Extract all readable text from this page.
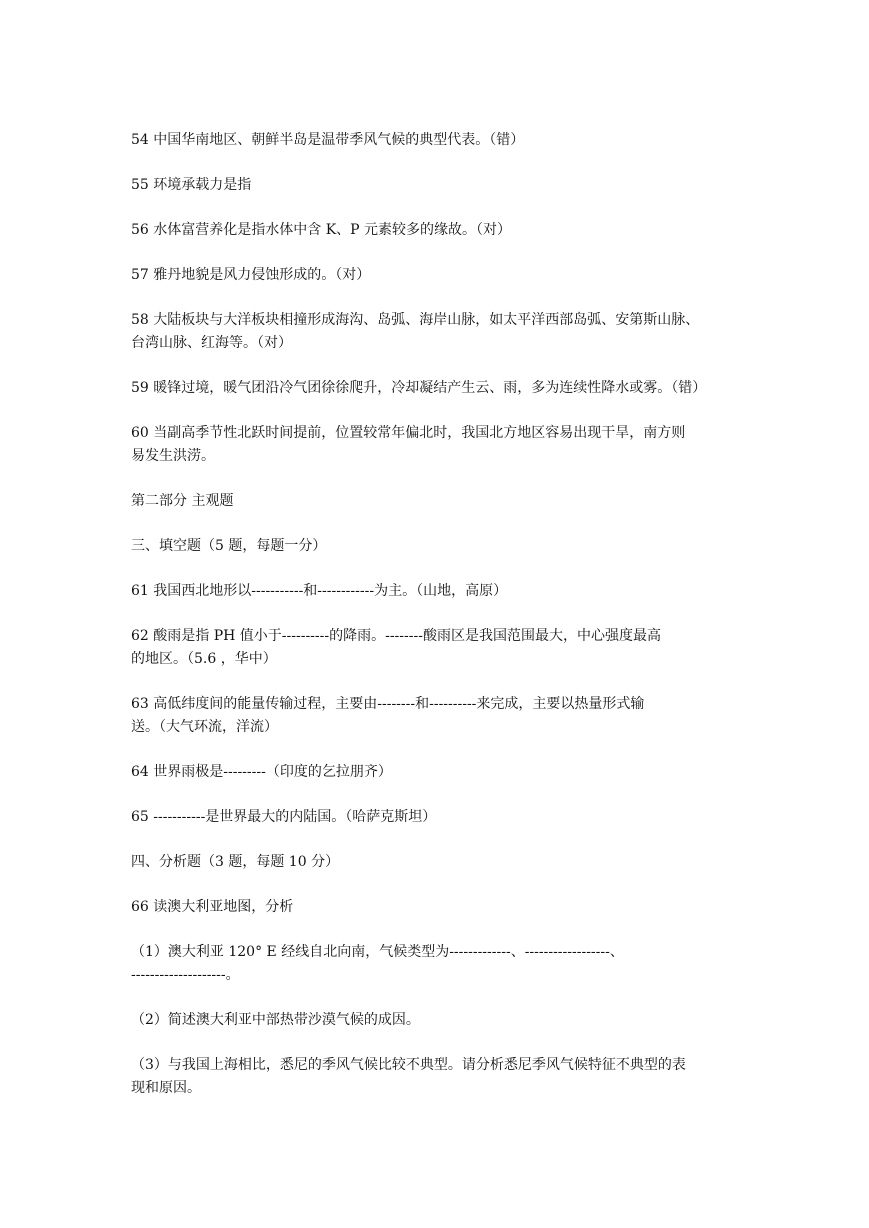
54 中国华南地区、朝鲜半岛是温带季风气候的典型代表。（错）

55 环境承载力是指

56 水体富营养化是指水体中含 K、P 元素较多的缘故。（对）

57 雅丹地貌是风力侵蚀形成的。（对）

58 大陆板块与大洋板块相撞形成海沟、岛弧、海岸山脉，如太平洋西部岛弧、安第斯山脉、
台湾山脉、红海等。（对）

59 暖锋过境，暖气团沿冷气团徐徐爬升，冷却凝结产生云、雨，多为连续性降水或雾。（错）

60 当副高季节性北跃时间提前，位置较常年偏北时，我国北方地区容易出现干旱，南方则
易发生洪涝。

第二部分 主观题

三、填空题（5 题，每题一分）

61 我国西北地形以-----------和------------为主。（山地，高原）

62 酸雨是指 PH 值小于----------的降雨。--------酸雨区是我国范围最大，中心强度最高
的地区。（5.6 ，华中）

63 高低纬度间的能量传输过程，主要由--------和----------来完成，主要以热量形式输
送。（大气环流，洋流）

64 世界雨极是---------（印度的乞拉朋齐）

65 -----------是世界最大的内陆国。（哈萨克斯坦）

四、分析题（3 题，每题 10 分）

66 读澳大利亚地图，分析

（1）澳大利亚 120° E 经线自北向南，气候类型为-------------、------------------、
--------------------。

（2）简述澳大利亚中部热带沙漠气候的成因。

（3）与我国上海相比，悉尼的季风气候比较不典型。请分析悉尼季风气候特征不典型的表
现和原因。
